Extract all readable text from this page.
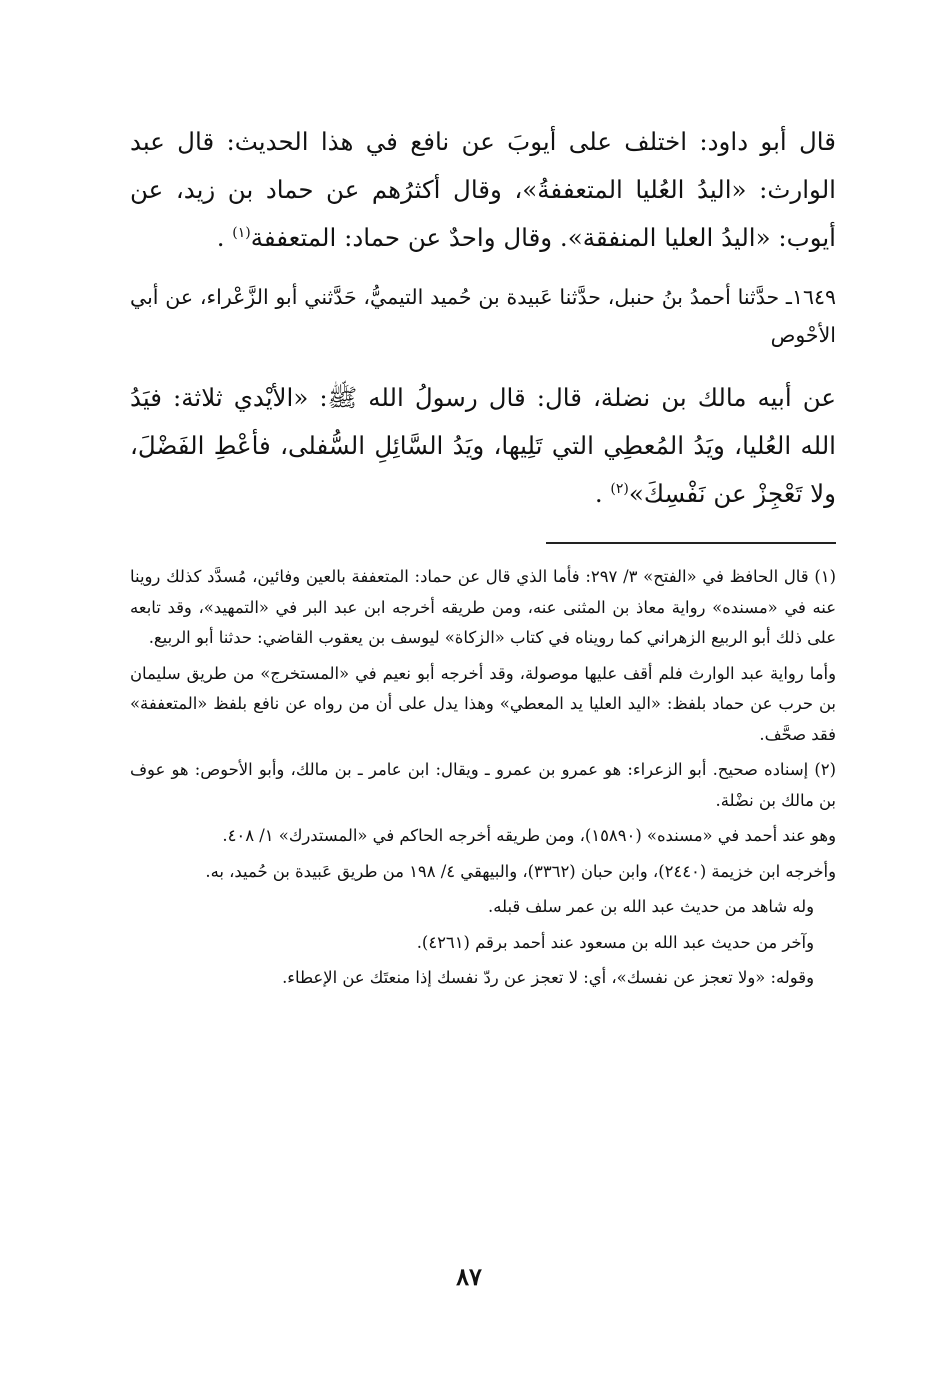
قال أبو داود: اختلف على أيوبَ عن نافع في هذا الحديث: قال عبد الوارث: «اليدُ العُليا المتعففةُ»، وقال أكثرُهم عن حماد بن زيد، عن أيوب: «اليدُ العليا المنفقة». وقال واحدٌ عن حماد: المتعففة$^{(١)}$ .

١٦٤٩ـ حدَّثنا أحمدُ بنُ حنبل، حدَّثنا عَبيدة بن حُميد التيميُّ، حَدَّثني أبو الزَّعْراء، عن أبي الأحْوص

عن أبيه مالك بن نضلة، قال: قال رسولُ الله ﷺ: «الأيْدي ثلاثة: فيَدُ الله العُليا، ويَدُ المُعطِي التي تَلِيها، ويَدُ السَّائِلِ السُّفلى، فأعْطِ الفَضْلَ، ولا تَعْجِزْ عن نَفْسِكَ»$^{(٢)}$ .

(١) قال الحافظ في «الفتح» ٣/ ٢٩٧: فأما الذي قال عن حماد: المتعففة بالعين وفائين، مُسدَّد كذلك روينا عنه في «مسنده» رواية معاذ بن المثنى عنه، ومن طريقه أخرجه ابن عبد البر في «التمهيد»، وقد تابعه على ذلك أبو الربيع الزهراني كما رويناه في كتاب «الزكاة» ليوسف بن يعقوب القاضي: حدثنا أبو الربيع.

وأما رواية عبد الوارث فلم أقف عليها موصولة، وقد أخرجه أبو نعيم في «المستخرج» من طريق سليمان بن حرب عن حماد بلفظ: «اليد العليا يد المعطي» وهذا يدل على أن من رواه عن نافع بلفظ «المتعففة» فقد صحَّف.

(٢) إسناده صحيح. أبو الزعراء: هو عمرو بن عمرو ـ ويقال: ابن عامر ـ بن مالك، وأبو الأحوص: هو عوف بن مالك بن نضْلة.

وهو عند أحمد في «مسنده» (١٥٨٩٠)، ومن طريقه أخرجه الحاكم في «المستدرك» ١/ ٤٠٨.

وأخرجه ابن خزيمة (٢٤٤٠)، وابن حبان (٣٣٦٢)، والبيهقي ٤/ ١٩٨ من طريق عَبيدة بن حُميد، به.

وله شاهد من حديث عبد الله بن عمر سلف قبله.

وآخر من حديث عبد الله بن مسعود عند أحمد برقم (٤٢٦١).

وقوله: «ولا تعجز عن نفسك»، أي: لا تعجز عن ردّ نفسك إذا منعتَك عن الإعطاء.

٨٧
